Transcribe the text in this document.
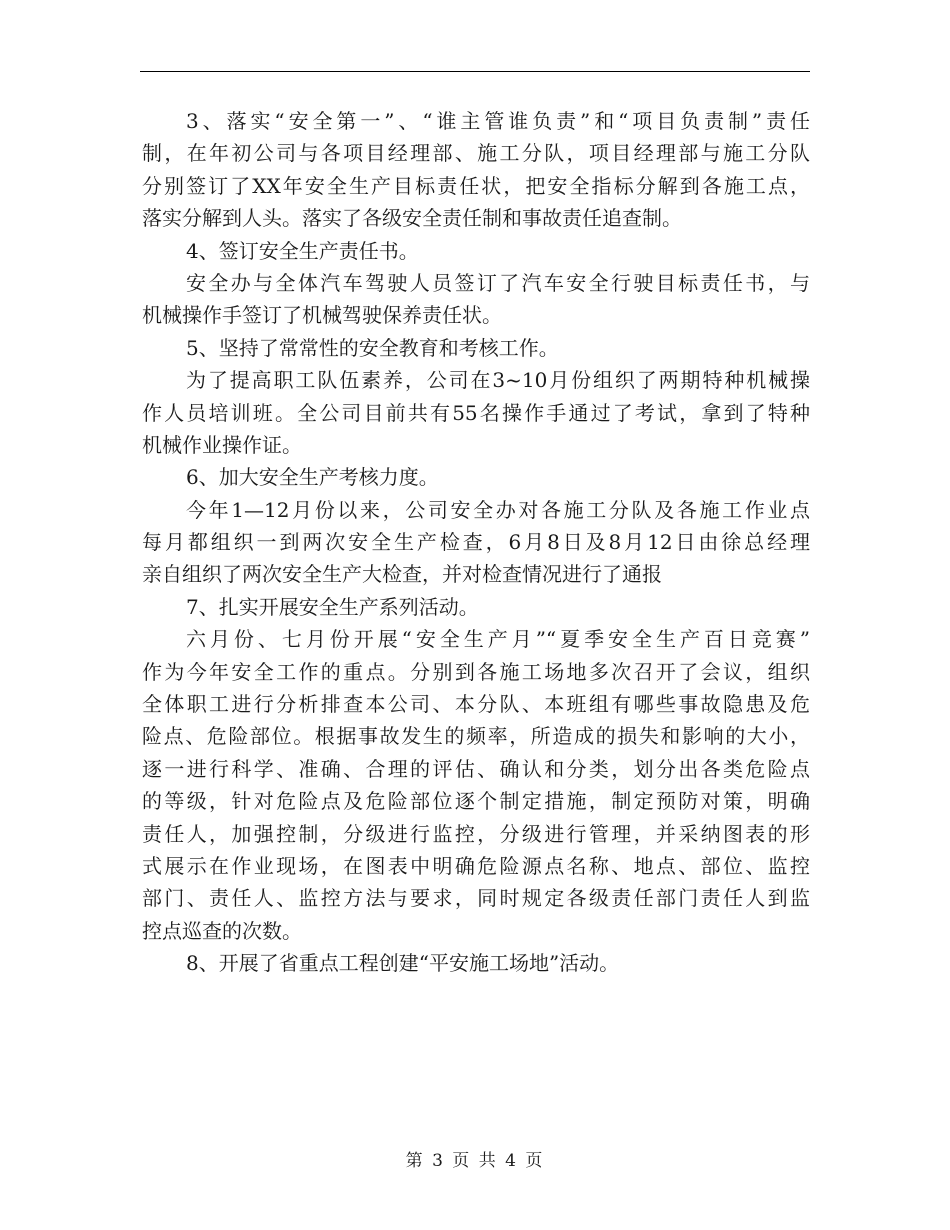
3、落实“安全第一”、“谁主管谁负责”和“项目负责制”责任
制，在年初公司与各项目经理部、施工分队，项目经理部与施工分队
分别签订了XX年安全生产目标责任状，把安全指标分解到各施工点，
落实分解到人头。落实了各级安全责任制和事故责任追查制。
4、签订安全生产责任书。
安全办与全体汽车驾驶人员签订了汽车安全行驶目标责任书，与
机械操作手签订了机械驾驶保养责任状。
5、坚持了常常性的安全教育和考核工作。
为了提高职工队伍素养，公司在3~10月份组织了两期特种机械操
作人员培训班。全公司目前共有55名操作手通过了考试，拿到了特种
机械作业操作证。
6、加大安全生产考核力度。
今年1—12月份以来，公司安全办对各施工分队及各施工作业点
每月都组织一到两次安全生产检查，6月8日及8月12日由徐总经理
亲自组织了两次安全生产大检查，并对检查情况进行了通报
7、扎实开展安全生产系列活动。
六月份、七月份开展“安全生产月”“夏季安全生产百日竞赛”
作为今年安全工作的重点。分别到各施工场地多次召开了会议，组织
全体职工进行分析排查本公司、本分队、本班组有哪些事故隐患及危
险点、危险部位。根据事故发生的频率，所造成的损失和影响的大小，
逐一进行科学、准确、合理的评估、确认和分类，划分出各类危险点
的等级，针对危险点及危险部位逐个制定措施，制定预防对策，明确
责任人，加强控制，分级进行监控，分级进行管理，并采纳图表的形
式展示在作业现场，在图表中明确危险源点名称、地点、部位、监控
部门、责任人、监控方法与要求，同时规定各级责任部门责任人到监
控点巡查的次数。
8、开展了省重点工程创建“平安施工场地”活动。
第 3 页 共 4 页
